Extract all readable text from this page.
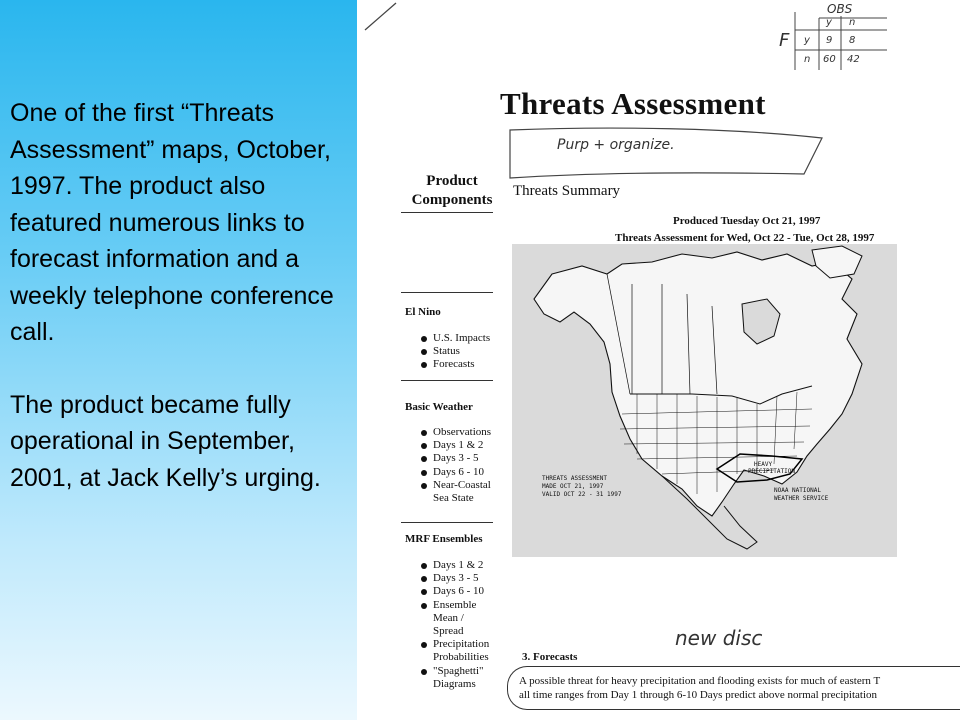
One of the first “Threats Assessment” maps, October, 1997. The product also featured numerous links to forecast information and a weekly telephone conference call.

The product became fully operational in September, 2001, at Jack Kelly’s urging.

OBS
F
y n
y 9 8
n 60 42
Threats Assessment
Purp + organize.
Product Components
Threats Summary
Produced Tuesday Oct 21, 1997
Threats Assessment for Wed, Oct 22 - Tue, Oct 28, 1997
El Nino
U.S. Impacts
Status
Forecasts
Basic Weather
Observations
Days 1 & 2
Days 3 - 5
Days 6 - 10
Near-Coastal Sea State
MRF Ensembles
Days 1 & 2
Days 3 - 5
Days 6 - 10
Ensemble Mean / Spread
Precipitation Probabilities
"Spaghetti" Diagrams
HEAVY PRECIPITATION
THREATS ASSESSMENT MADE OCT 21, 1997 VALID OCT 22 - 31 1997
NOAA NATIONAL WEATHER SERVICE
new disc
3. Forecasts
A possible threat for heavy precipitation and flooding exists for much of eastern T
all time ranges from Day 1 through 6-10 Days predict above normal precipitation
